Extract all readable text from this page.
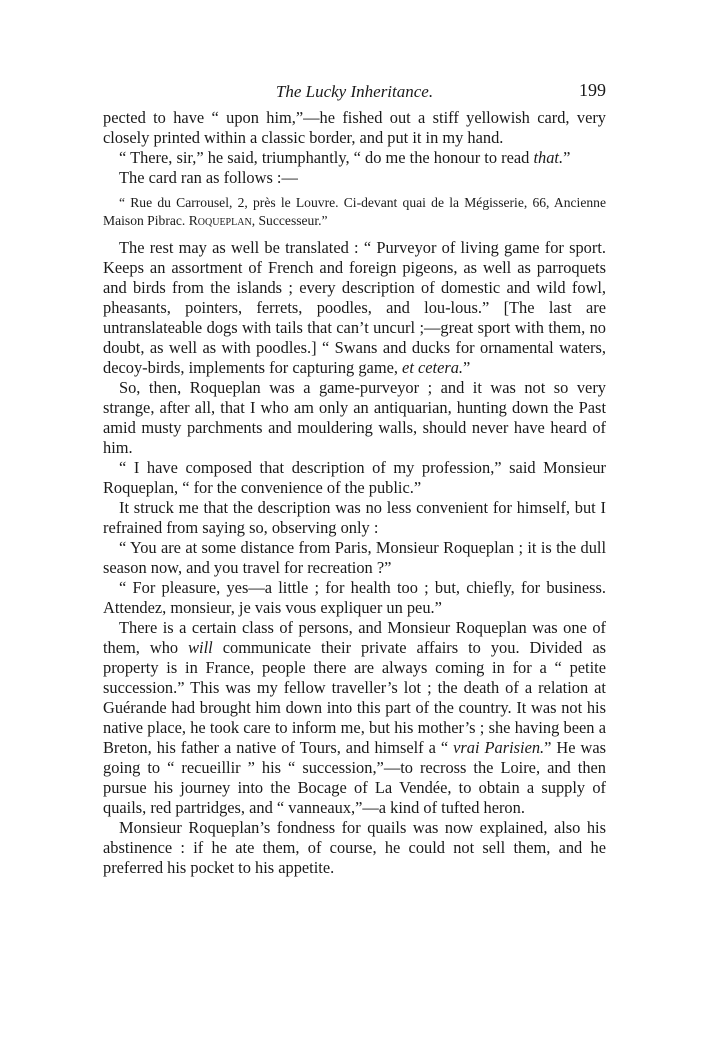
The Lucky Inheritance.	199

pected to have “ upon him,”—he fished out a stiff yellowish card, very closely printed within a classic border, and put it in my hand.

“ There, sir,” he said, triumphantly, “ do me the honour to read that.”

The card ran as follows :—

“ Rue du Carrousel, 2, près le Louvre. Ci-devant quai de la Mégisserie, 66, Ancienne Maison Pibrac. Roqueplan, Successeur.”

The rest may as well be translated : “ Purveyor of living game for sport. Keeps an assortment of French and foreign pigeons, as well as parroquets and birds from the islands ; every description of domestic and wild fowl, pheasants, pointers, ferrets, poodles, and lou-lous.” [The last are untranslateable dogs with tails that can’t uncurl ;—great sport with them, no doubt, as well as with poodles.] “ Swans and ducks for ornamental waters, decoy-birds, implements for capturing game, et cetera.”

So, then, Roqueplan was a game-purveyor ; and it was not so very strange, after all, that I who am only an antiquarian, hunting down the Past amid musty parchments and mouldering walls, should never have heard of him.

“ I have composed that description of my profession,” said Monsieur Roqueplan, “ for the convenience of the public.”

It struck me that the description was no less convenient for himself, but I refrained from saying so, observing only :

“ You are at some distance from Paris, Monsieur Roqueplan ; it is the dull season now, and you travel for recreation ?”

“ For pleasure, yes—a little ; for health too ; but, chiefly, for business. Attendez, monsieur, je vais vous expliquer un peu.”

There is a certain class of persons, and Monsieur Roqueplan was one of them, who will communicate their private affairs to you. Divided as property is in France, people there are always coming in for a “ petite succession.” This was my fellow traveller’s lot ; the death of a relation at Guérande had brought him down into this part of the country. It was not his native place, he took care to inform me, but his mother’s ; she having been a Breton, his father a native of Tours, and himself a “ vrai Parisien.” He was going to “ recueillir ” his “ succession,”—to recross the Loire, and then pursue his journey into the Bocage of La Vendée, to obtain a supply of quails, red partridges, and “ vanneaux,”—a kind of tufted heron.

Monsieur Roqueplan’s fondness for quails was now explained, also his abstinence : if he ate them, of course, he could not sell them, and he preferred his pocket to his appetite.
